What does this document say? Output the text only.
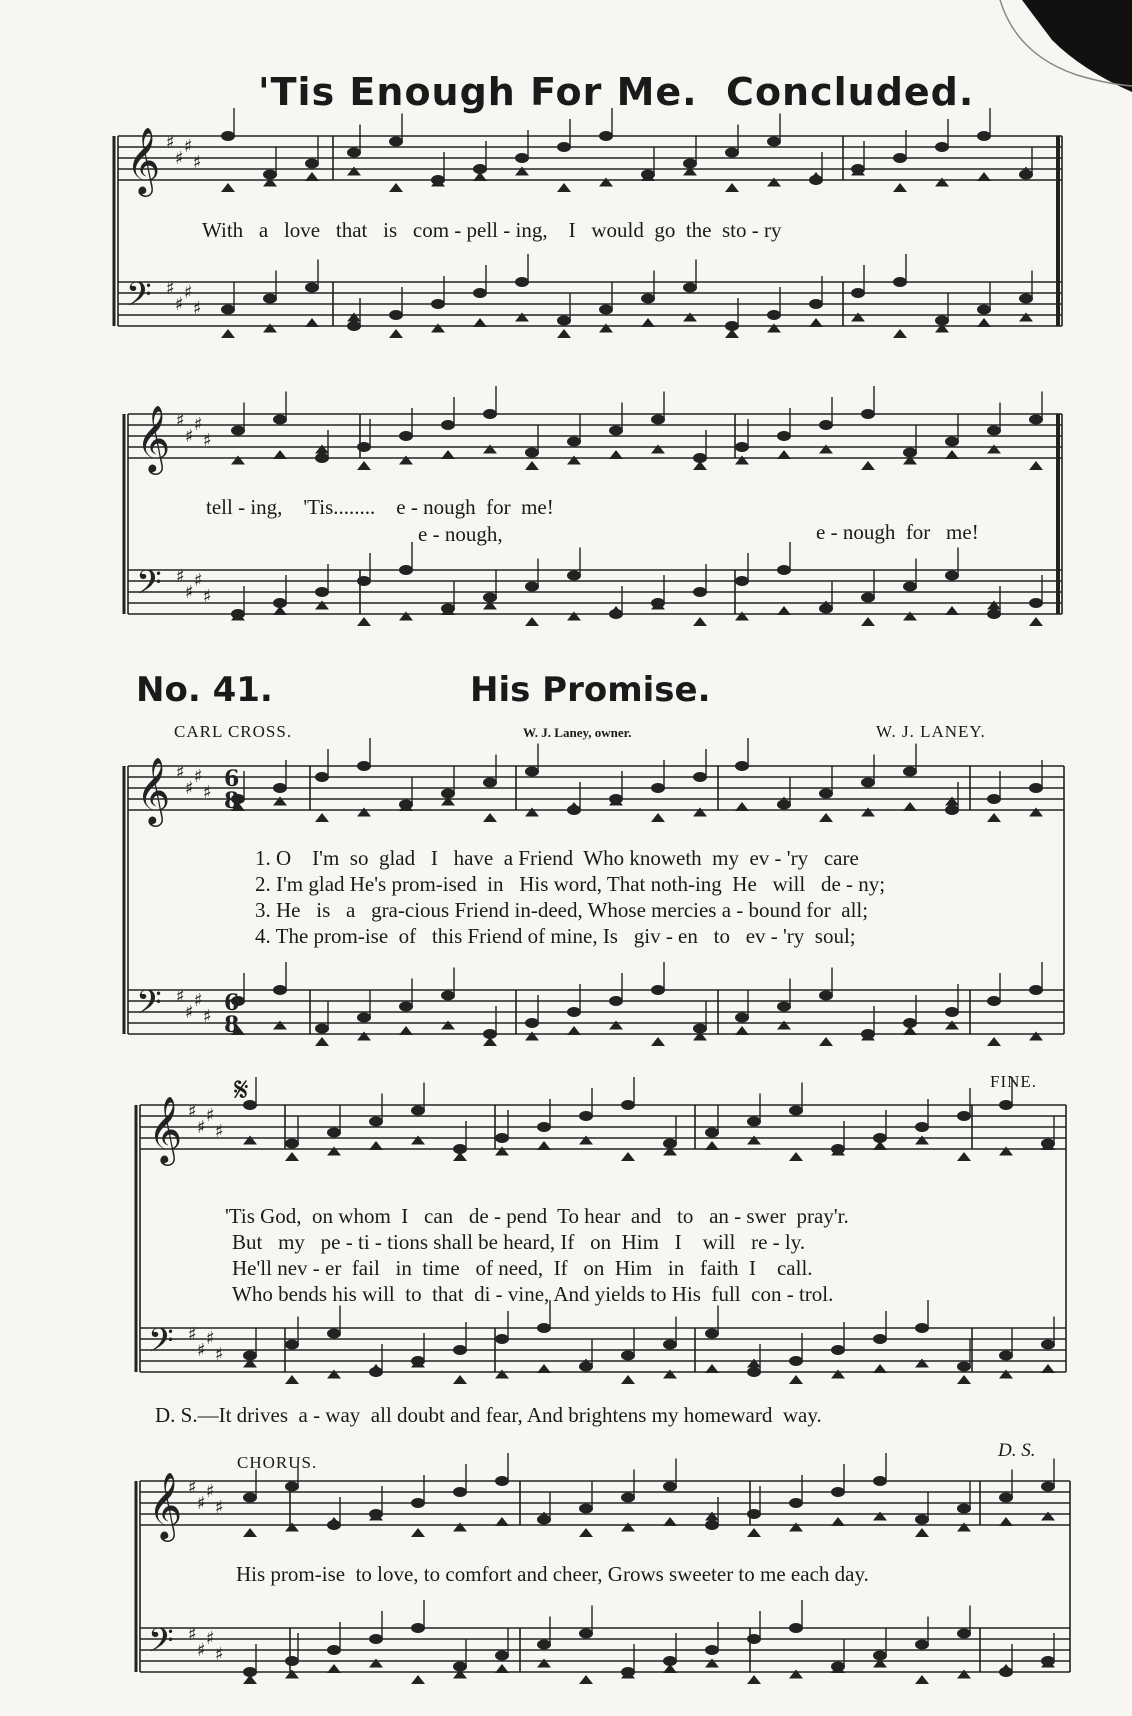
'Tis Enough For Me.  Concluded.
𝄞 ♯
♯
♯
♯
𝄢 ♯
♯
♯
♯
𝄞 ♯
♯
♯
♯
𝄢 ♯
♯
♯
♯
𝄞 ♯
♯
♯
♯
𝄢 ♯
♯
♯
♯
𝄞 ♯
♯
♯
♯
𝄢 ♯
♯
♯
♯
𝄞 ♯
♯
♯
♯
𝄢 ♯
♯
♯
♯
6
8
6
8
With   a   love   that   is   com - pell - ing,    I   would  go  the  sto - ry
tell - ing,    'Tis........    e - nough  for  me!
e - nough,	e - nough  for   me!
No. 41.	His Promise.
CARL CROSS.	W. J. Laney, owner.	W. J. LANEY.
1. O    I'm  so  glad   I   have  a Friend  Who knoweth  my  ev - 'ry   care
2. I'm glad He's prom-ised  in   His word, That noth-ing  He   will   de - ny;
3. He   is   a   gra-cious Friend in-deed, Whose mercies a - bound for  all;
4. The prom-ise  of   this Friend of mine, Is   giv - en   to   ev - 'ry  soul;
𝄋	FINE.
'Tis God,  on whom  I   can   de - pend  To hear  and   to   an - swer  pray'r.
But   my   pe - ti - tions shall be heard, If   on  Him   I    will   re - ly.
He'll nev - er  fail   in  time   of need,  If   on  Him   in   faith  I    call.
Who bends his will  to  that  di - vine, And yields to His  full  con - trol.
D. S.—It drives  a - way  all doubt and fear, And brightens my homeward  way.
CHORUS.
D. S.
His prom-ise  to love, to comfort and cheer, Grows sweeter to me each day.
